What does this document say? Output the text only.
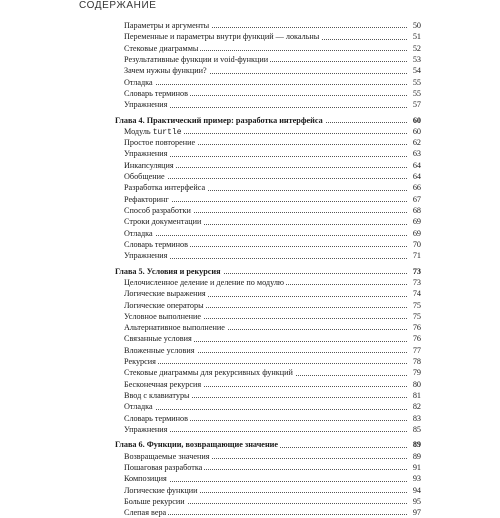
СОДЕРЖАНИЕ
Параметры и аргументы	50
Переменные и параметры внутри функций — локальны	51
Стековые диаграммы	52
Результативные функции и void-функции	53
Зачем нужны функции?	54
Отладка	55
Словарь терминов	55
Упражнения	57
Глава 4. Практический пример: разработка интерфейса	60
Модуль turtle	60
Простое повторение	62
Упражнения	63
Инкапсуляция	64
Обобщение	64
Разработка интерфейса	66
Рефакторинг	67
Способ разработки	68
Строки документации	69
Отладка	69
Словарь терминов	70
Упражнения	71
Глава 5. Условия и рекурсия	73
Целочисленное деление и деление по модулю	73
Логические выражения	74
Логические операторы	75
Условное выполнение	75
Альтернативное выполнение	76
Связанные условия	76
Вложенные условия	77
Рекурсия	78
Стековые диаграммы для рекурсивных функций	79
Бесконечная рекурсия	80
Ввод с клавиатуры	81
Отладка	82
Словарь терминов	83
Упражнения	85
Глава 6. Функции, возвращающие значение	89
Возвращаемые значения	89
Пошаговая разработка	91
Композиция	93
Логические функции	94
Больше рекурсии	95
Слепая вера	97
